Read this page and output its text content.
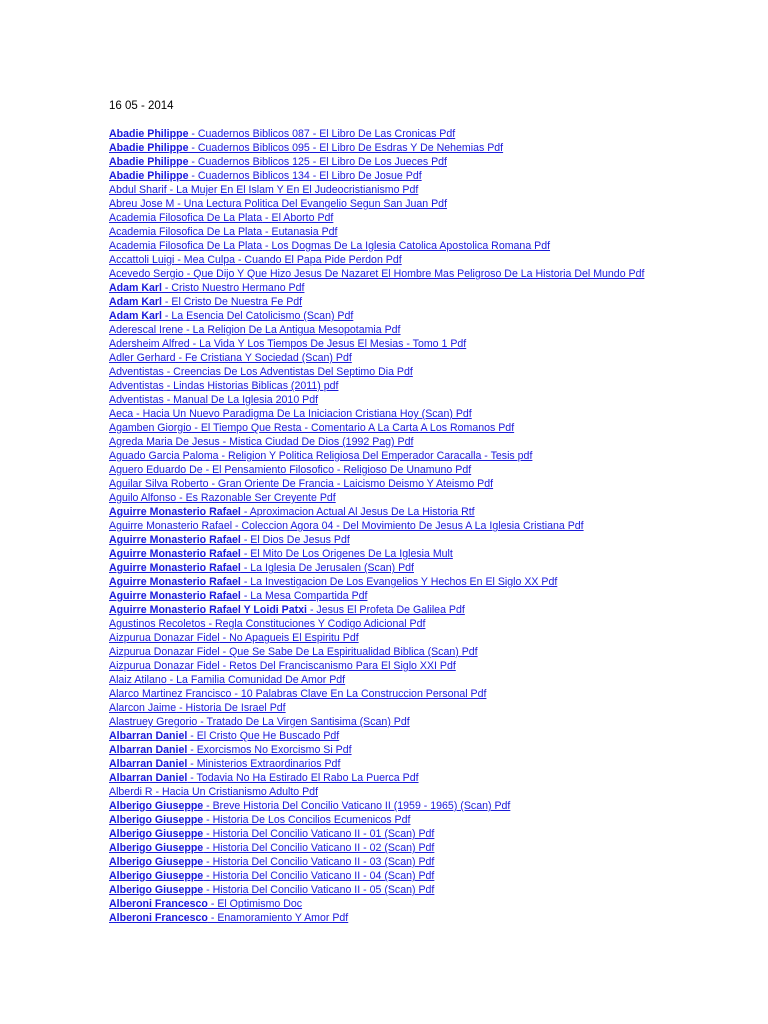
16 05 - 2014
Abadie Philippe - Cuadernos Biblicos 087 - El Libro De Las Cronicas Pdf
Abadie Philippe - Cuadernos Biblicos 095 - El Libro De Esdras Y De Nehemias Pdf
Abadie Philippe - Cuadernos Biblicos 125 - El Libro De Los Jueces Pdf
Abadie Philippe - Cuadernos Biblicos 134 - El Libro De Josue Pdf
Abdul Sharif - La Mujer En El Islam Y En El Judeocristianismo Pdf
Abreu Jose M - Una Lectura Politica Del Evangelio Segun San Juan Pdf
Academia Filosofica De La Plata - El Aborto Pdf
Academia Filosofica De La Plata - Eutanasia Pdf
Academia Filosofica De La Plata - Los Dogmas De La Iglesia Catolica Apostolica Romana Pdf
Accattoli Luigi - Mea Culpa - Cuando El Papa Pide Perdon Pdf
Acevedo Sergio - Que Dijo Y Que Hizo Jesus De Nazaret El Hombre Mas Peligroso De La Historia Del Mundo Pdf
Adam Karl - Cristo Nuestro Hermano Pdf
Adam Karl - El Cristo De Nuestra Fe Pdf
Adam Karl - La Esencia Del Catolicismo (Scan) Pdf
Aderescal Irene - La Religion De La Antigua Mesopotamia Pdf
Adersheim Alfred - La Vida Y Los Tiempos De Jesus El Mesias - Tomo 1 Pdf
Adler Gerhard - Fe Cristiana Y Sociedad (Scan) Pdf
Adventistas - Creencias De Los Adventistas Del Septimo Dia Pdf
Adventistas - Lindas Historias Biblicas (2011) pdf
Adventistas - Manual De La Iglesia 2010 Pdf
Aeca - Hacia Un Nuevo Paradigma De La Iniciacion Cristiana Hoy (Scan) Pdf
Agamben Giorgio - El Tiempo Que Resta - Comentario A La Carta A Los Romanos Pdf
Agreda Maria De Jesus - Mistica Ciudad De Dios (1992 Pag) Pdf
Aguado Garcia Paloma - Religion Y Politica Religiosa Del Emperador Caracalla - Tesis pdf
Aguero Eduardo De - El Pensamiento Filosofico - Religioso De Unamuno Pdf
Aguilar Silva Roberto - Gran Oriente De Francia - Laicismo Deismo Y Ateismo Pdf
Aguilo Alfonso - Es Razonable Ser Creyente Pdf
Aguirre Monasterio Rafael - Aproximacion Actual Al Jesus De La Historia Rtf
Aguirre Monasterio Rafael - Coleccion Agora 04 - Del Movimiento De Jesus A La Iglesia Cristiana Pdf
Aguirre Monasterio Rafael - El Dios De Jesus Pdf
Aguirre Monasterio Rafael - El Mito De Los Origenes De La Iglesia Mult
Aguirre Monasterio Rafael - La Iglesia De Jerusalen (Scan) Pdf
Aguirre Monasterio Rafael - La Investigacion De Los Evangelios Y Hechos En El Siglo XX Pdf
Aguirre Monasterio Rafael - La Mesa Compartida Pdf
Aguirre Monasterio Rafael Y Loidi Patxi - Jesus El Profeta De Galilea Pdf
Agustinos Recoletos - Regla Constituciones Y Codigo Adicional Pdf
Aizpurua Donazar Fidel - No Apagueis El Espiritu Pdf
Aizpurua Donazar Fidel - Que Se Sabe De La Espiritualidad Biblica (Scan) Pdf
Aizpurua Donazar Fidel - Retos Del Franciscanismo Para El Siglo XXI Pdf
Alaiz Atilano - La Familia Comunidad De Amor Pdf
Alarco Martinez Francisco - 10 Palabras Clave En La Construccion Personal Pdf
Alarcon Jaime - Historia De Israel Pdf
Alastruey Gregorio - Tratado De La Virgen Santisima (Scan) Pdf
Albarran Daniel - El Cristo Que He Buscado Pdf
Albarran Daniel - Exorcismos No Exorcismo Si Pdf
Albarran Daniel - Ministerios Extraordinarios Pdf
Albarran Daniel - Todavia No Ha Estirado El Rabo La Puerca Pdf
Alberdi R - Hacia Un Cristianismo Adulto Pdf
Alberigo Giuseppe - Breve Historia Del Concilio Vaticano II (1959 - 1965) (Scan) Pdf
Alberigo Giuseppe - Historia De Los Concilios Ecumenicos Pdf
Alberigo Giuseppe - Historia Del Concilio Vaticano II - 01 (Scan) Pdf
Alberigo Giuseppe - Historia Del Concilio Vaticano II - 02 (Scan) Pdf
Alberigo Giuseppe - Historia Del Concilio Vaticano II - 03 (Scan) Pdf
Alberigo Giuseppe - Historia Del Concilio Vaticano II - 04 (Scan) Pdf
Alberigo Giuseppe - Historia Del Concilio Vaticano II - 05 (Scan) Pdf
Alberoni Francesco - El Optimismo Doc
Alberoni Francesco - Enamoramiento Y Amor Pdf
